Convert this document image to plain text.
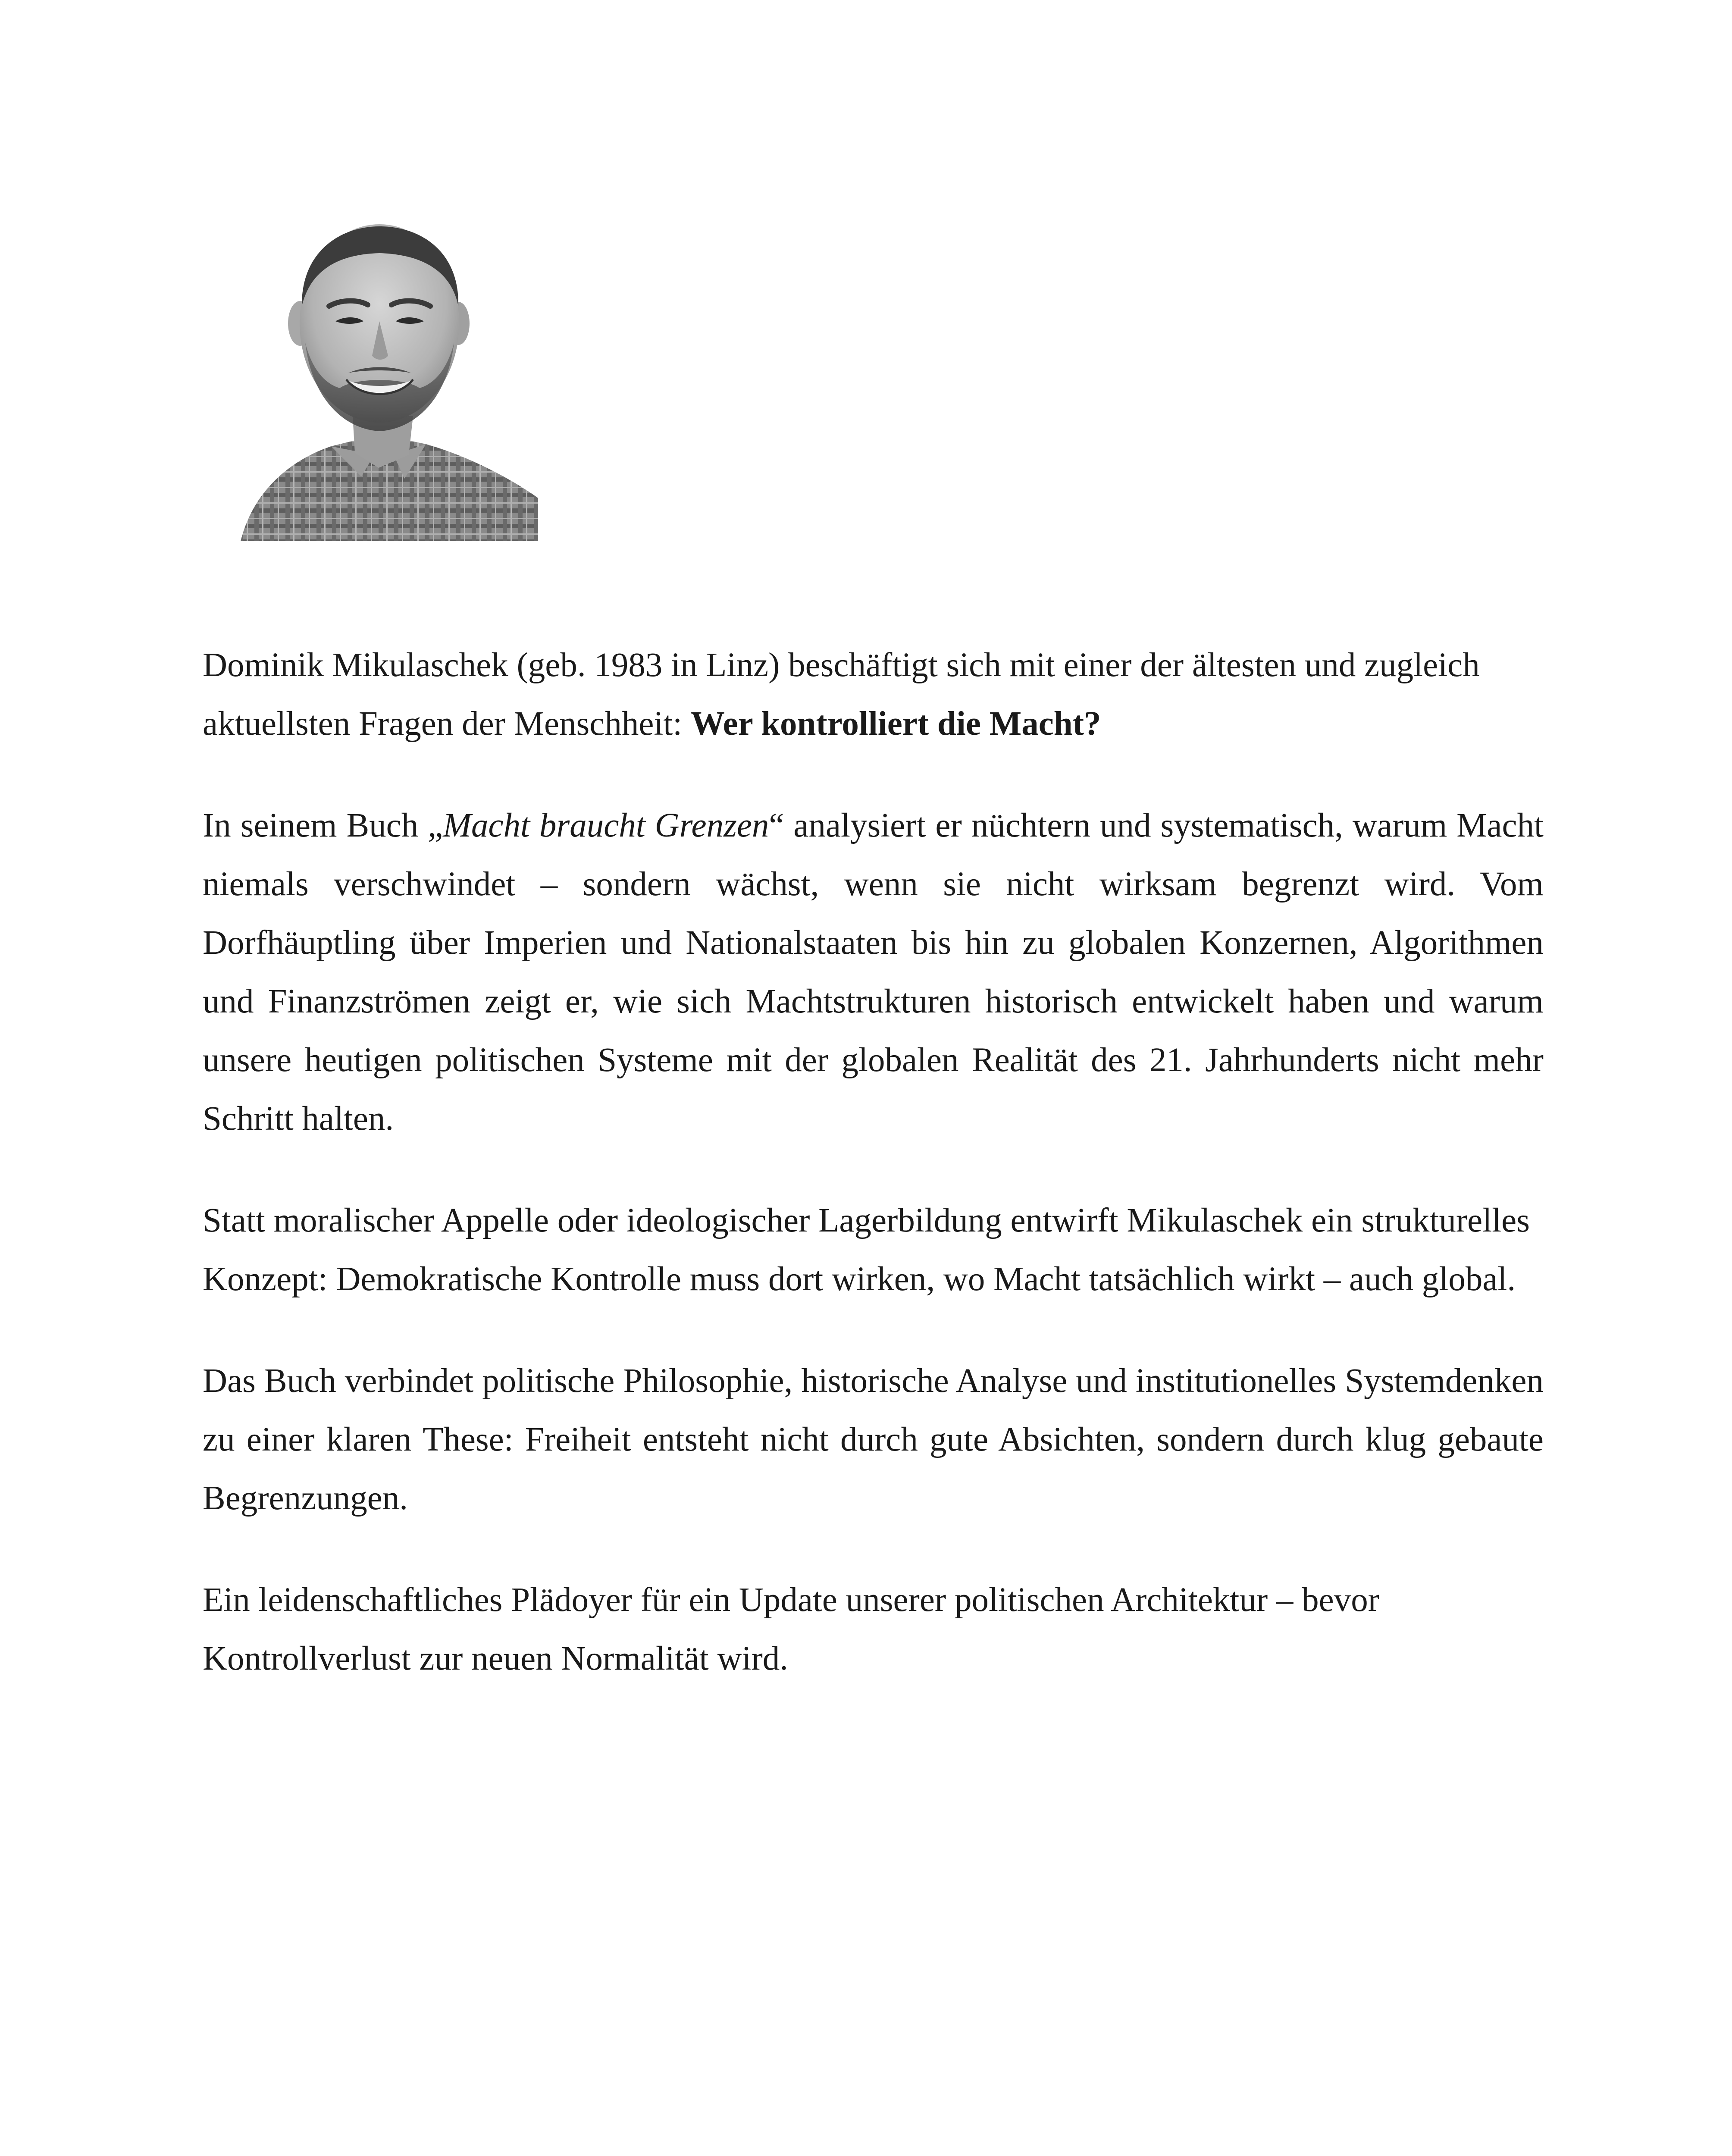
Dominik Mikulaschek (geb. 1983 in Linz) beschäftigt sich mit einer der ältesten und zugleich aktuellsten Fragen der Menschheit: Wer kontrolliert die Macht?

In seinem Buch „Macht braucht Grenzen“ analysiert er nüchtern und systematisch, warum Macht niemals verschwindet – sondern wächst, wenn sie nicht wirksam begrenzt wird. Vom Dorfhäuptling über Imperien und Nationalstaaten bis hin zu globalen Konzernen, Algorithmen und Finanzströmen zeigt er, wie sich Machtstrukturen historisch entwickelt haben und warum unsere heutigen politischen Systeme mit der globalen Realität des 21. Jahrhunderts nicht mehr Schritt halten.

Statt moralischer Appelle oder ideologischer Lagerbildung entwirft Mikulaschek ein strukturelles Konzept: Demokratische Kontrolle muss dort wirken, wo Macht tatsächlich wirkt – auch global.

Das Buch verbindet politische Philosophie, historische Analyse und institutionelles Systemdenken zu einer klaren These: Freiheit entsteht nicht durch gute Absichten, sondern durch klug gebaute Begrenzungen.

Ein leidenschaftliches Plädoyer für ein Update unserer politischen Architektur – bevor Kontrollverlust zur neuen Normalität wird.
